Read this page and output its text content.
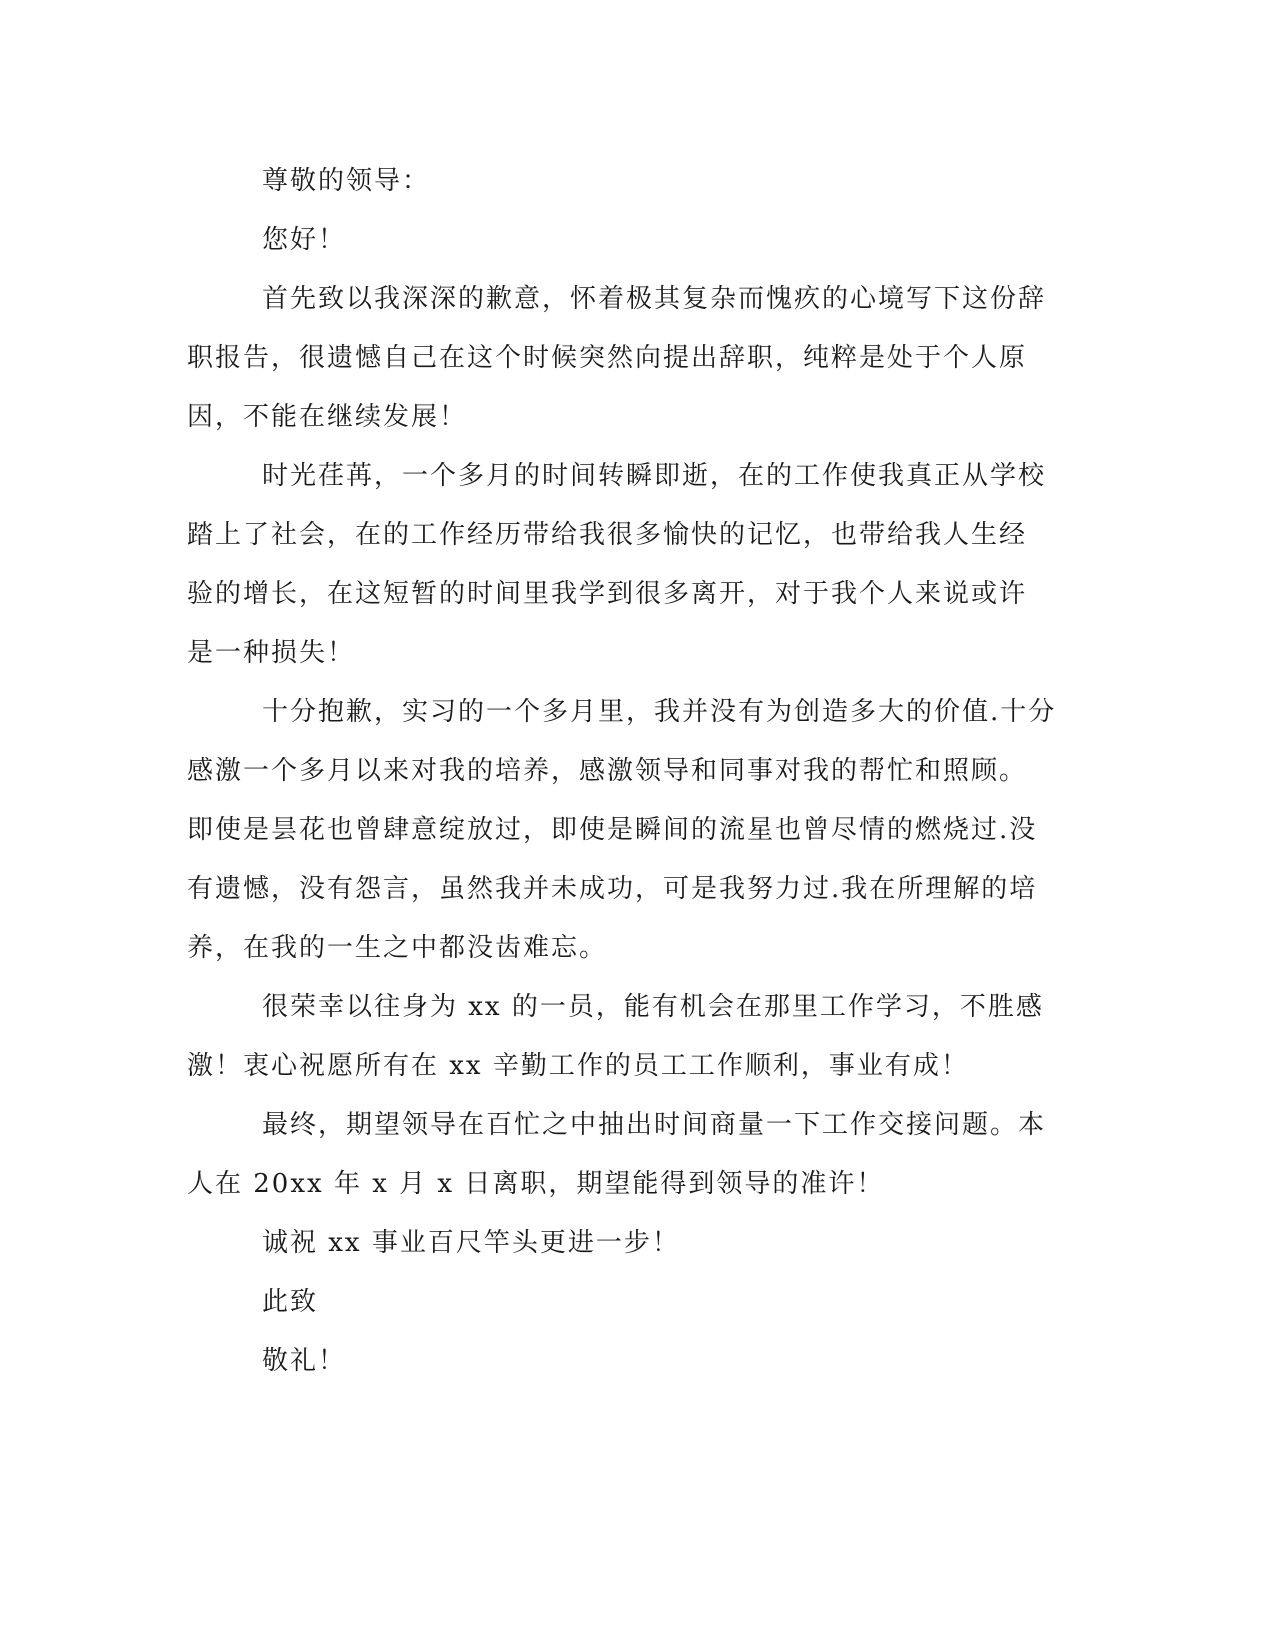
尊敬的领导：

您好！

首先致以我深深的歉意，怀着极其复杂而愧疚的心境写下这份辞

职报告，很遗憾自己在这个时候突然向提出辞职，纯粹是处于个人原

因，不能在继续发展！

时光荏苒，一个多月的时间转瞬即逝，在的工作使我真正从学校

踏上了社会，在的工作经历带给我很多愉快的记忆，也带给我人生经

验的增长，在这短暂的时间里我学到很多离开，对于我个人来说或许

是一种损失！

十分抱歉，实习的一个多月里，我并没有为创造多大的价值.十分

感激一个多月以来对我的培养，感激领导和同事对我的帮忙和照顾。

即使是昙花也曾肆意绽放过，即使是瞬间的流星也曾尽情的燃烧过.没

有遗憾，没有怨言，虽然我并未成功，可是我努力过.我在所理解的培

养，在我的一生之中都没齿难忘。

很荣幸以往身为 xx 的一员，能有机会在那里工作学习，不胜感

激！衷心祝愿所有在 xx 辛勤工作的员工工作顺利，事业有成！

最终，期望领导在百忙之中抽出时间商量一下工作交接问题。本

人在 20xx 年 x 月 x 日离职，期望能得到领导的准许！

诚祝 xx 事业百尺竿头更进一步！

此致

敬礼！
